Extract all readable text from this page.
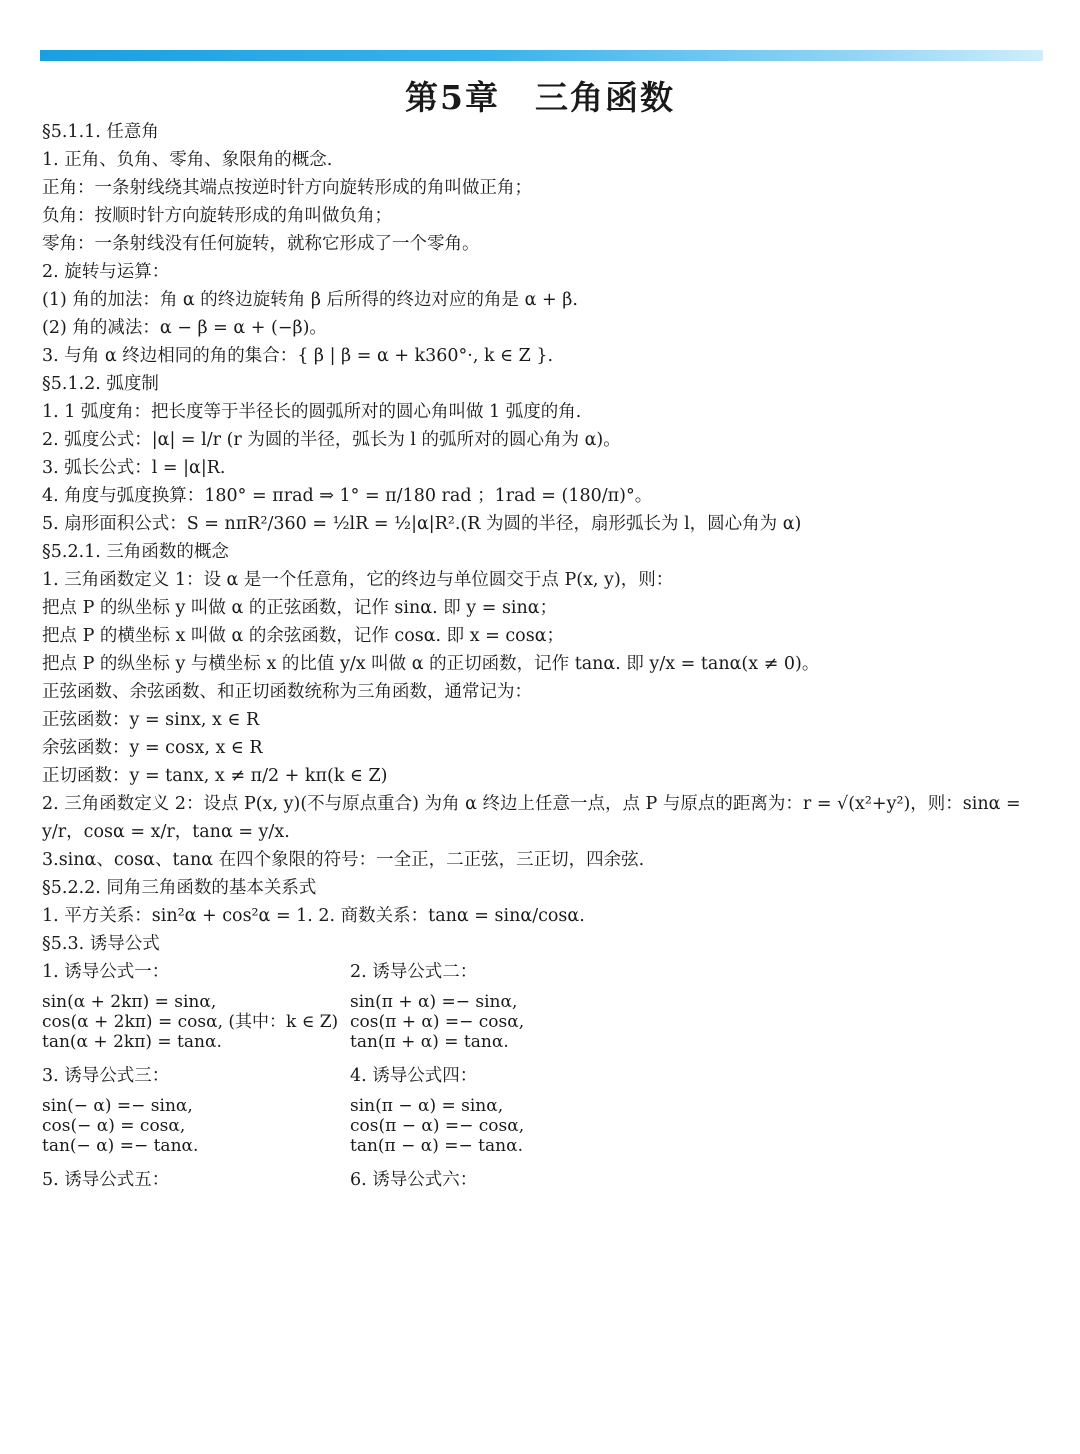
第5章　三角函数

§5.1.1. 任意角

1. 正角、负角、零角、象限角的概念.

正角：一条射线绕其端点按逆时针方向旋转形成的角叫做正角；

负角：按顺时针方向旋转形成的角叫做负角；

零角：一条射线没有任何旋转，就称它形成了一个零角。

2. 旋转与运算：

(1) 角的加法：角 α 的终边旋转角 β 后所得的终边对应的角是 α + β.

(2) 角的减法：α − β = α + (−β)。

3. 与角 α 终边相同的角的集合：{ β | β = α + k360°·, k ∈ Z }.

§5.1.2. 弧度制

1. 1 弧度角：把长度等于半径长的圆弧所对的圆心角叫做 1 弧度的角.

2. 弧度公式：|α| = l/r (r 为圆的半径，弧长为 l 的弧所对的圆心角为 α)。

3. 弧长公式：l = |α|R.

4. 角度与弧度换算：180° = πrad ⇒ 1° = π/180 rad ；1rad = (180/π)°。

5. 扇形面积公式：S = nπR²/360 = ½lR = ½|α|R².(R 为圆的半径，扇形弧长为 l，圆心角为 α)

§5.2.1. 三角函数的概念

1. 三角函数定义 1：设 α 是一个任意角，它的终边与单位圆交于点 P(x, y)，则：

把点 P 的纵坐标 y 叫做 α 的正弦函数，记作 sinα. 即 y = sinα；

把点 P 的横坐标 x 叫做 α 的余弦函数，记作 cosα. 即 x = cosα；

把点 P 的纵坐标 y 与横坐标 x 的比值 y/x 叫做 α 的正切函数，记作 tanα. 即 y/x = tanα(x ≠ 0)。

正弦函数、余弦函数、和正切函数统称为三角函数，通常记为：

正弦函数：y = sinx, x ∈ R

余弦函数：y = cosx, x ∈ R

正切函数：y = tanx, x ≠ π/2 + kπ(k ∈ Z)

2. 三角函数定义 2：设点 P(x, y)(不与原点重合) 为角 α 终边上任意一点，点 P 与原点的距离为：r = √(x²+y²)，则：sinα =

y/r，cosα = x/r，tanα = y/x.

3.sinα、cosα、tanα 在四个象限的符号：一全正，二正弦，三正切，四余弦.

§5.2.2. 同角三角函数的基本关系式

1. 平方关系：sin²α + cos²α = 1. 2. 商数关系：tanα = sinα/cosα.

§5.3. 诱导公式

1. 诱导公式一：

sin(α + 2kπ) = sinα,
cos(α + 2kπ) = cosα, (其中：k ∈ Z)
tan(α + 2kπ) = tanα.

2. 诱导公式二：

sin(π + α) =− sinα,
cos(π + α) =− cosα,
tan(π + α) = tanα.

3. 诱导公式三：

sin(− α) =− sinα,
cos(− α) = cosα,
tan(− α) =− tanα.

4. 诱导公式四：

sin(π − α) = sinα,
cos(π − α) =− cosα,
tan(π − α) =− tanα.

5. 诱导公式五：	6. 诱导公式六：
